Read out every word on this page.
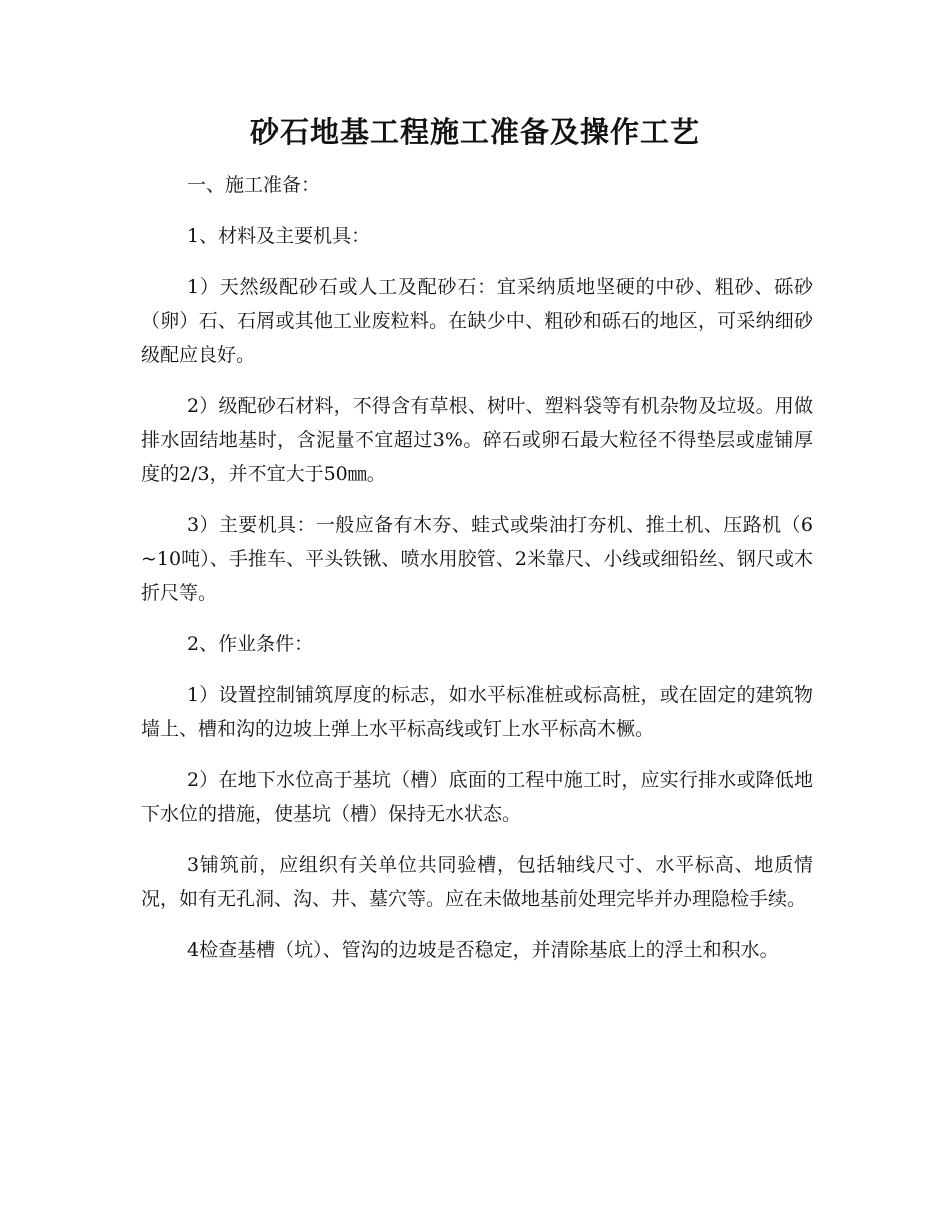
砂石地基工程施工准备及操作工艺

一、施工准备：

1、材料及主要机具：

1）天然级配砂石或人工及配砂石：宜采纳质地坚硬的中砂、粗砂、砾砂（卵）石、石屑或其他工业废粒料。在缺少中、粗砂和砾石的地区，可采纳细砂级配应良好。

2）级配砂石材料，不得含有草根、树叶、塑料袋等有机杂物及垃圾。用做排水固结地基时，含泥量不宜超过3%。碎石或卵石最大粒径不得垫层或虚铺厚度的2/3，并不宜大于50㎜。

3）主要机具：一般应备有木夯、蛙式或柴油打夯机、推土机、压路机（6~10吨）、手推车、平头铁锹、喷水用胶管、2米靠尺、小线或细铅丝、钢尺或木折尺等。

2、作业条件：

1）设置控制铺筑厚度的标志，如水平标准桩或标高桩，或在固定的建筑物墙上、槽和沟的边坡上弹上水平标高线或钉上水平标高木橛。

2）在地下水位高于基坑（槽）底面的工程中施工时，应实行排水或降低地下水位的措施，使基坑（槽）保持无水状态。

3铺筑前，应组织有关单位共同验槽，包括轴线尺寸、水平标高、地质情况，如有无孔洞、沟、井、墓穴等。应在未做地基前处理完毕并办理隐检手续。

4检查基槽（坑）、管沟的边坡是否稳定，并清除基底上的浮土和积水。
